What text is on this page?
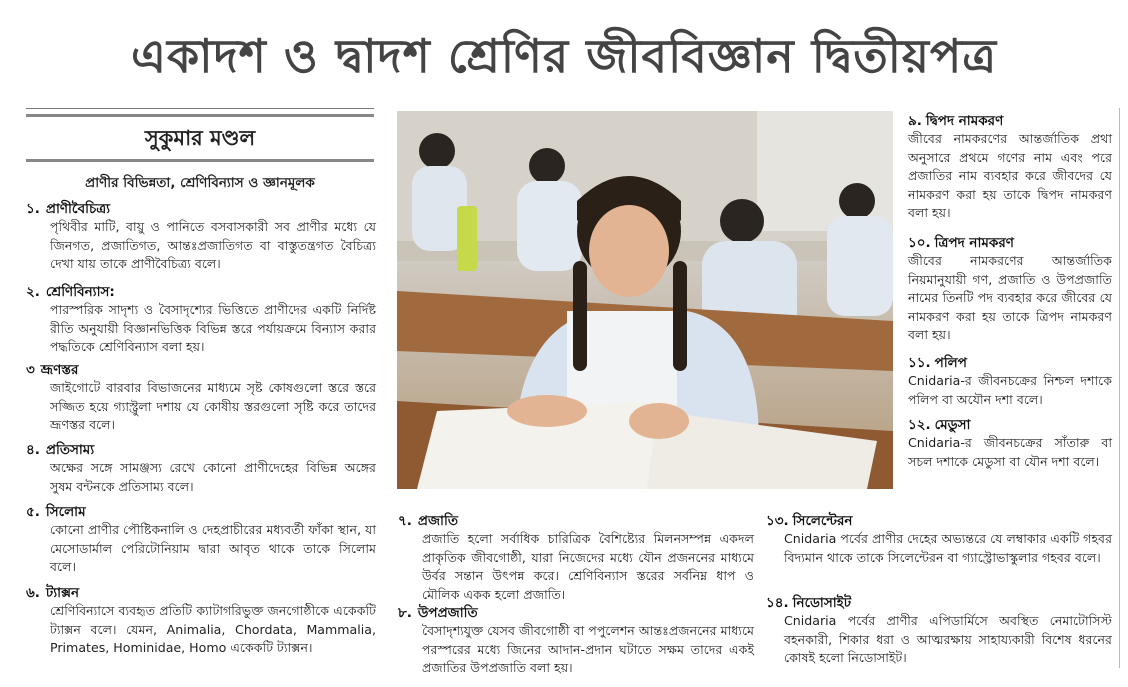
একাদশ ও দ্বাদশ শ্রেণির জীববিজ্ঞান দ্বিতীয়পত্র
সুকুমার মণ্ডল
প্রাণীর বিভিন্নতা, শ্রেণিবিন্যাস ও জ্ঞানমূলক
১. প্রাণীবৈচিত্র্য

পৃথিবীর মাটি, বায়ু ও পানিতে বসবাসকারী সব প্রাণীর মধ্যে যে জিনগত, প্রজাতিগত, আন্তঃপ্রজাতিগত বা বাস্তুতন্ত্রগত বৈচিত্র্য দেখা যায় তাকে প্রাণীবৈচিত্র্য বলে।

২. শ্রেণিবিন্যাস:

পারস্পরিক সাদৃশ্য ও বৈসাদৃশ্যের ভিত্তিতে প্রাণীদের একটি নির্দিষ্ট রীতি অনুযায়ী বিজ্ঞানভিত্তিক বিভিন্ন স্তরে পর্যায়ক্রমে বিন্যাস করার পদ্ধতিকে শ্রেণিবিন্যাস বলা হয়।

৩ ভ্রূণস্তর

জাইগোটে বারবার বিভাজনের মাধ্যমে সৃষ্ট কোষগুলো স্তরে স্তরে সজ্জিত হয়ে গ্যাস্ট্রুলা দশায় যে কোষীয় স্তরগুলো সৃষ্টি করে তাদের ভ্রূণস্তর বলে।

৪. প্রতিসাম্য

অক্ষের সঙ্গে সামঞ্জস্য রেখে কোনো প্রাণীদেহের বিভিন্ন অঙ্গের সুষম বন্টনকে প্রতিসাম্য বলে।

৫. সিলোম

কোনো প্রাণীর পৌষ্টিকনালি ও দেহপ্রাচীরের মধ্যবর্তী ফাঁকা স্থান, যা মেসোডার্মাল পেরিটোনিয়াম দ্বারা আবৃত থাকে তাকে সিলোম বলে।

৬. ট্যাক্সন

শ্রেণিবিন্যাসে ব্যবহৃত প্রতিটি ক্যাটাগরিভুক্ত জনগোষ্ঠীকে একেকটি ট্যাক্সন বলে। যেমন, Animalia, Chordata, Mammalia, Primates, Hominidae, Homo একেকটি ট্যাক্সন।

৭. প্রজাতি

প্রজাতি হলো সর্বাধিক চারিত্রিক বৈশিষ্ট্যের মিলনসম্পন্ন একদল প্রাকৃতিক জীবগোষ্ঠী, যারা নিজেদের মধ্যে যৌন প্রজননের মাধ্যমে উর্বর সন্তান উৎপন্ন করে। শ্রেণিবিন্যাস স্তরের সর্বনিম্ন ধাপ ও মৌলিক একক হলো প্রজাতি।

৮. উপপ্রজাতি

বৈসাদৃশ্যযুক্ত যেসব জীবগোষ্ঠী বা পপুলেশন আন্তঃপ্রজননের মাধ্যমে পরস্পরের মধ্যে জিনের আদান-প্রদান ঘটাতে সক্ষম তাদের একই প্রজাতির উপপ্রজাতি বলা হয়।

৯. দ্বিপদ নামকরণ

জীবের নামকরণের আন্তর্জাতিক প্রথা অনুসারে প্রথমে গণের নাম এবং পরে প্রজাতির নাম ব্যবহার করে জীবদের যে নামকরণ করা হয় তাকে দ্বিপদ নামকরণ বলা হয়।

১০. ত্রিপদ নামকরণ

জীবের নামকরণের আন্তর্জাতিক নিয়মানুযায়ী গণ, প্রজাতি ও উপপ্রজাতি নামের তিনটি পদ ব্যবহার করে জীবের যে নামকরণ করা হয় তাকে ত্রিপদ নামকরণ বলা হয়।

১১. পলিপ

Cnidaria-র জীবনচক্রের নিশ্চল দশাকে পলিপ বা অযৌন দশা বলে।

১২. মেডুসা

Cnidaria-র জীবনচক্রের সাঁতারু বা সচল দশাকে মেডুসা বা যৌন দশা বলে।

১৩. সিলেন্টেরন

Cnidaria পর্বের প্রাণীর দেহের অভ্যন্তরে যে লম্বাকার একটি গহবর বিদ্যমান থাকে তাকে সিলেন্টেরন বা গ্যাস্ট্রোভাস্কুলার গহবর বলে।

১৪. নিডোসাইট

Cnidaria পর্বের প্রাণীর এপিডার্মিসে অবস্থিত নেমাটোসিস্ট বহনকারী, শিকার ধরা ও আত্মরক্ষায় সাহায্যকারী বিশেষ ধরনের কোষই হলো নিডোসাইট।
